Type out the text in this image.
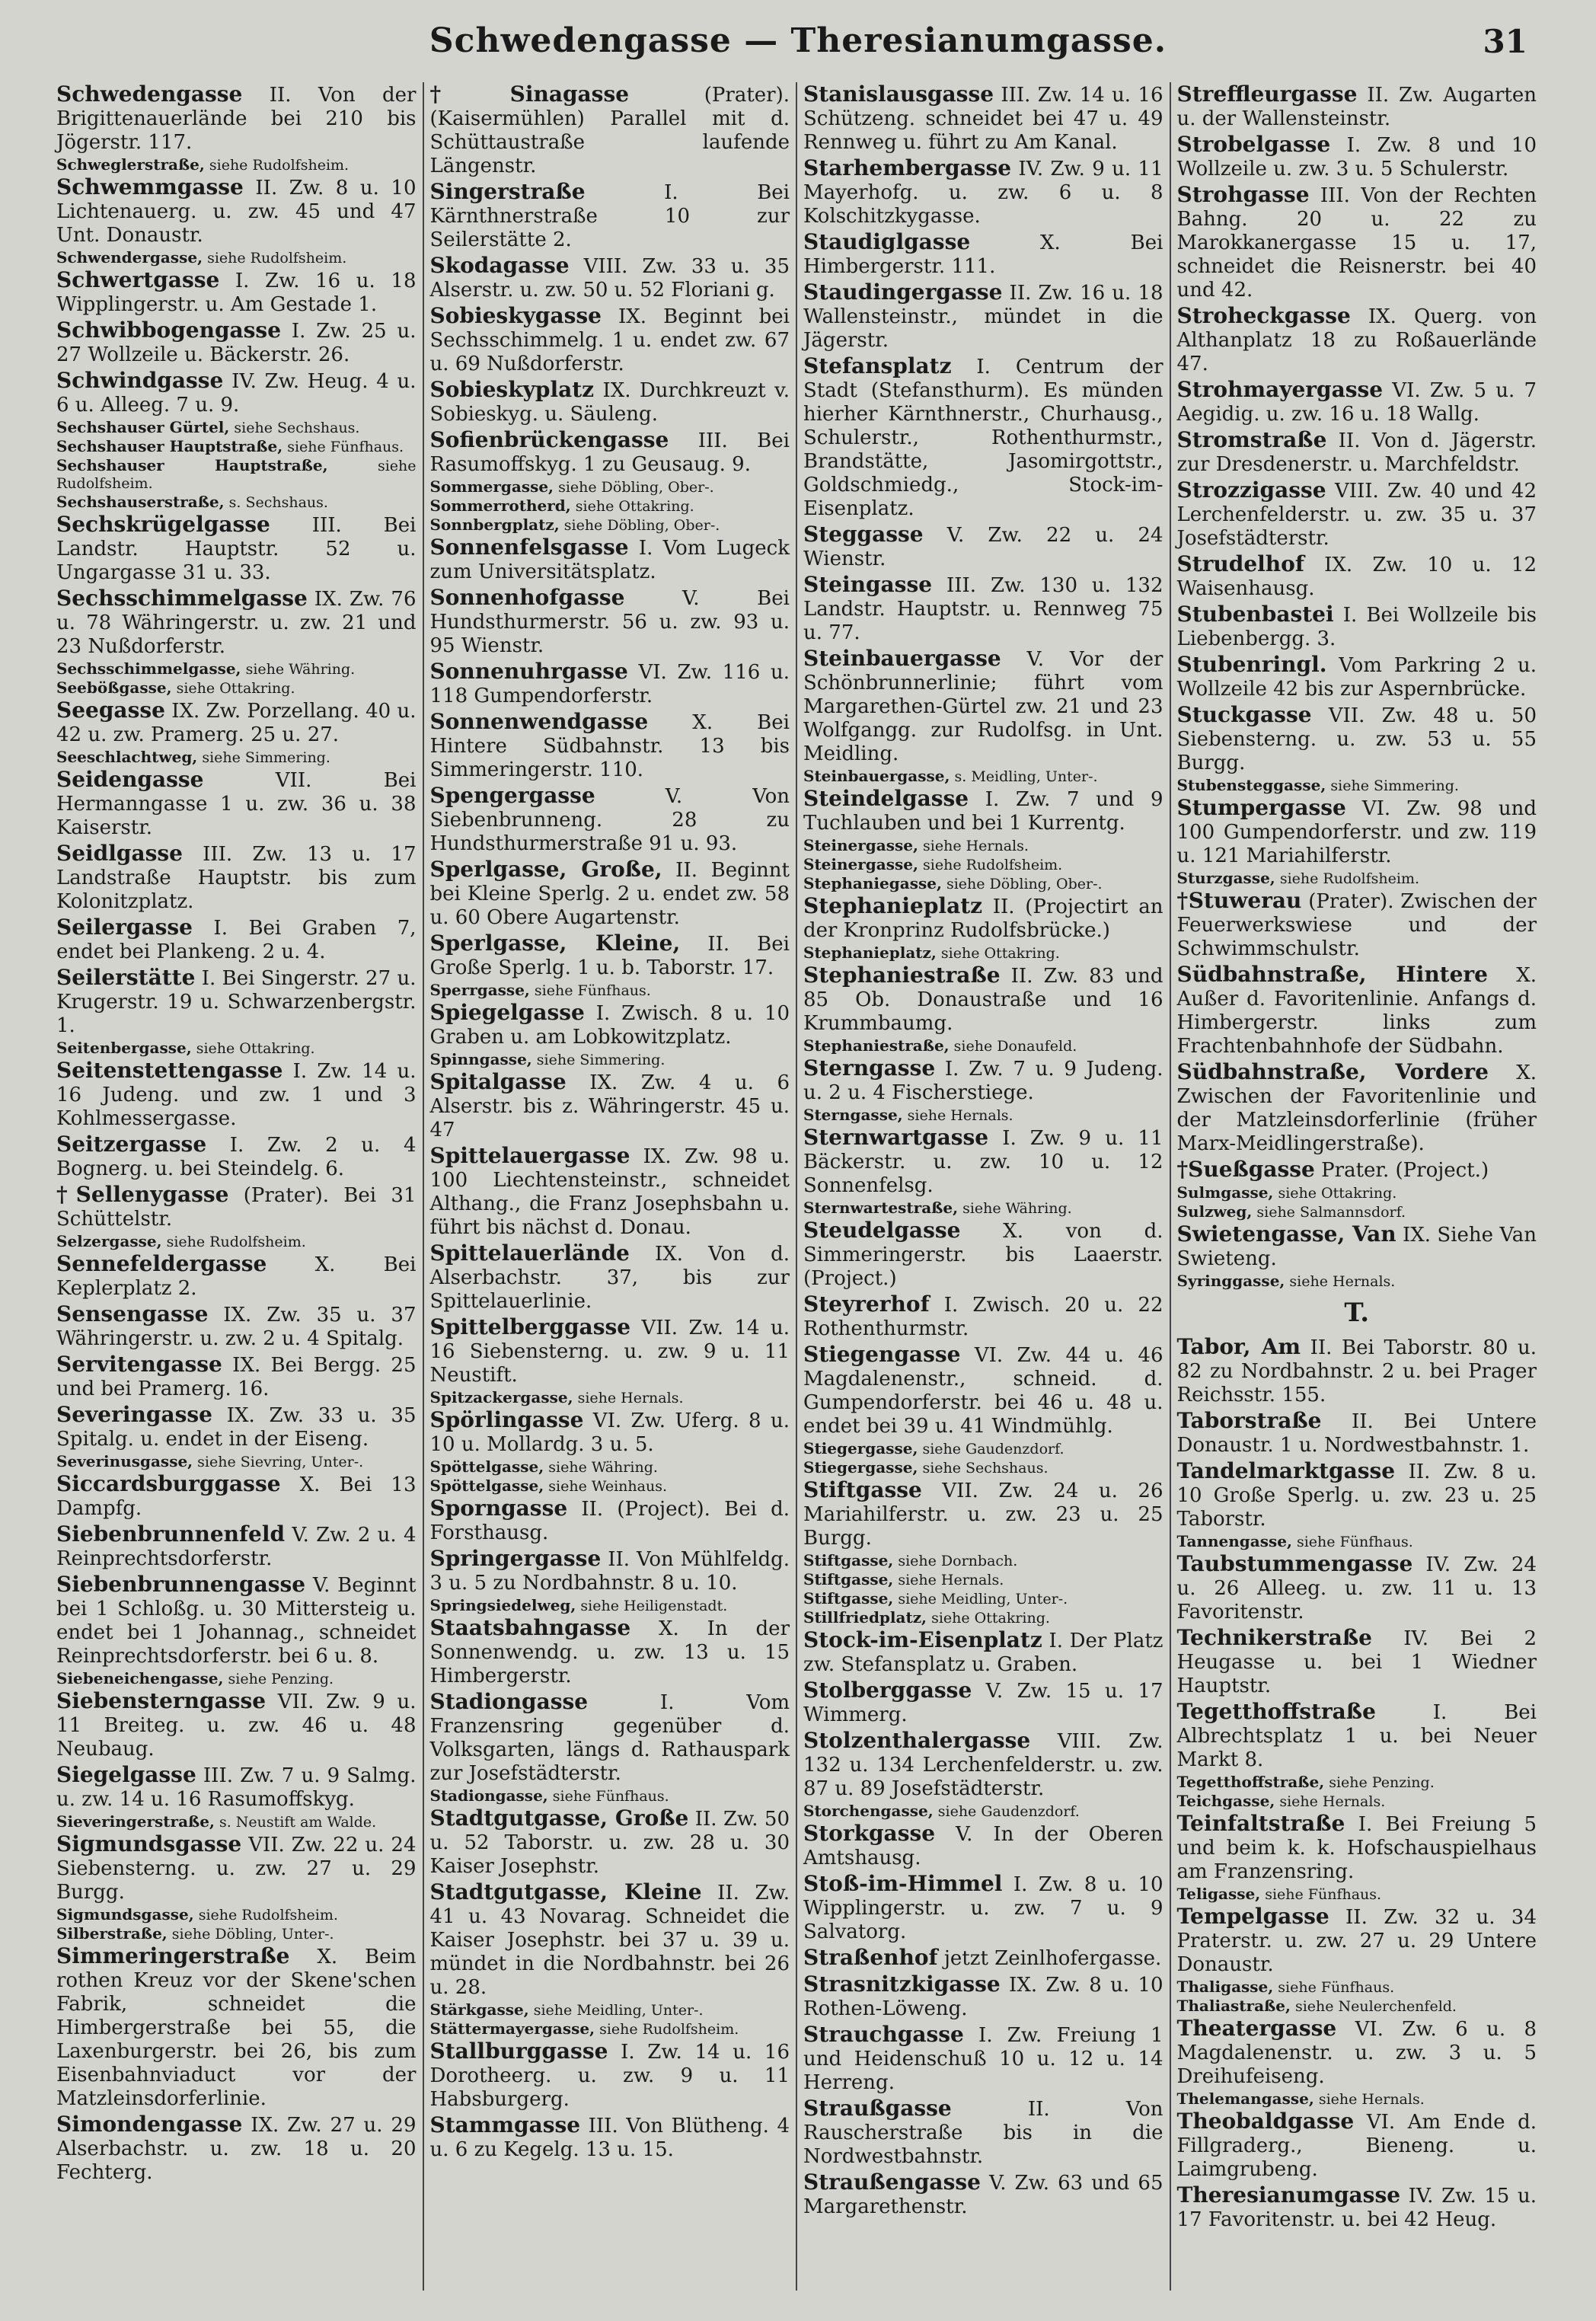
Schwedengasse — Theresianumgasse.	31
Schwedengasse II. Von der Brigittenauerlände bei 210 bis Jögerstr. 117.
Schweglerstraße, siehe Rudolfsheim.
Schwemmgasse II. Zw. 8 u. 10 Lichtenauerg. u. zw. 45 und 47 Unt. Donaustr.
Schwendergasse, siehe Rudolfsheim.
Schwertgasse I. Zw. 16 u. 18 Wipplingerstr. u. Am Gestade 1.
Schwibbogengasse I. Zw. 25 u. 27 Wollzeile u. Bäckerstr. 26.
Schwindgasse IV. Zw. Heug. 4 u. 6 u. Alleeg. 7 u. 9.
Sechshauser Gürtel, siehe Sechshaus.
Sechshauser Hauptstraße, siehe Fünfhaus.
Sechshauser Hauptstraße, siehe Rudolfsheim.
Sechshauserstraße, s. Sechshaus.
Sechskrügelgasse III. Bei Landstr. Hauptstr. 52 u. Ungargasse 31 u. 33.
Sechsschimmelgasse IX. Zw. 76 u. 78 Währingerstr. u. zw. 21 und 23 Nußdorferstr.
Sechsschimmelgasse, siehe Währing.
Seebößgasse, siehe Ottakring.
Seegasse IX. Zw. Porzellang. 40 u. 42 u. zw. Pramerg. 25 u. 27.
Seeschlachtweg, siehe Simmering.
Seidengasse VII. Bei Hermanngasse 1 u. zw. 36 u. 38 Kaiserstr.
Seidlgasse III. Zw. 13 u. 17 Landstraße Hauptstr. bis zum Kolonitzplatz.
Seilergasse I. Bei Graben 7, endet bei Plankeng. 2 u. 4.
Seilerstätte I. Bei Singerstr. 27 u. Krugerstr. 19 u. Schwarzenbergstr. 1.
Seitenbergasse, siehe Ottakring.
Seitenstettengasse I. Zw. 14 u. 16 Judeng. und zw. 1 und 3 Kohlmessergasse.
Seitzergasse I. Zw. 2 u. 4 Bognerg. u. bei Steindelg. 6.
†Sellenygasse (Prater). Bei 31 Schüttelstr.
Selzergasse, siehe Rudolfsheim.
Sennefeldergasse X. Bei Keplerplatz 2.
Sensengasse IX. Zw. 35 u. 37 Währingerstr. u. zw. 2 u. 4 Spitalg.
Servitengasse IX. Bei Bergg. 25 und bei Pramerg. 16.
Severingasse IX. Zw. 33 u. 35 Spitalg. u. endet in der Eiseng.
Severinusgasse, siehe Sievring, Unter-.
Siccardsburggasse X. Bei 13 Dampfg.
Siebenbrunnenfeld V. Zw. 2 u. 4 Reinprechtsdorferstr.
Siebenbrunnengasse V. Beginnt bei 1 Schloßg. u. 30 Mittersteig u. endet bei 1 Johannag., schneidet Reinprechtsdorferstr. bei 6 u. 8.
Siebeneichengasse, siehe Penzing.
Siebensterngasse VII. Zw. 9 u. 11 Breiteg. u. zw. 46 u. 48 Neubaug.
Siegelgasse III. Zw. 7 u. 9 Salmg. u. zw. 14 u. 16 Rasumoffskyg.
Sieveringerstraße, s. Neustift am Walde.
Sigmundsgasse VII. Zw. 22 u. 24 Siebensterng. u. zw. 27 u. 29 Burgg.
Sigmundsgasse, siehe Rudolfsheim.
Silberstraße, siehe Döbling, Unter-.
Simmeringerstraße X. Beim rothen Kreuz vor der Skene'schen Fabrik, schneidet die Himbergerstraße bei 55, die Laxenburgerstr. bei 26, bis zum Eisenbahnviaduct vor der Matzleinsdorferlinie.
Simondengasse IX. Zw. 27 u. 29 Alserbachstr. u. zw. 18 u. 20 Fechterg.
†Sinagasse (Prater). (Kaisermühlen) Parallel mit d. Schüttaustraße laufende Längenstr.
Singerstraße I. Bei Kärnthnerstraße 10 zur Seilerstätte 2.
Skodagasse VIII. Zw. 33 u. 35 Alserstr. u. zw. 50 u. 52 Floriani g.
Sobieskygasse IX. Beginnt bei Sechsschimmelg. 1 u. endet zw. 67 u. 69 Nußdorferstr.
Sobieskyplatz IX. Durchkreuzt v. Sobieskyg. u. Säuleng.
Sofienbrückengasse III. Bei Rasumoffskyg. 1 zu Geusaug. 9.
Sommergasse, siehe Döbling, Ober-.
Sommerrotherd, siehe Ottakring.
Sonnbergplatz, siehe Döbling, Ober-.
Sonnenfelsgasse I. Vom Lugeck zum Universitätsplatz.
Sonnenhofgasse V. Bei Hundsthurmerstr. 56 u. zw. 93 u. 95 Wienstr.
Sonnenuhrgasse VI. Zw. 116 u. 118 Gumpendorferstr.
Sonnenwendgasse X. Bei Hintere Südbahnstr. 13 bis Simmeringerstr. 110.
Spengergasse V. Von Siebenbrunneng. 28 zu Hundsthurmerstraße 91 u. 93.
Sperlgasse, Große, II. Beginnt bei Kleine Sperlg. 2 u. endet zw. 58 u. 60 Obere Augartenstr.
Sperlgasse, Kleine, II. Bei Große Sperlg. 1 u. b. Taborstr. 17.
Sperrgasse, siehe Fünfhaus.
Spiegelgasse I. Zwisch. 8 u. 10 Graben u. am Lobkowitzplatz.
Spinngasse, siehe Simmering.
Spitalgasse IX. Zw. 4 u. 6 Alserstr. bis z. Währingerstr. 45 u. 47
Spittelauergasse IX. Zw. 98 u. 100 Liechtensteinstr., schneidet Althang., die Franz Josephsbahn u. führt bis nächst d. Donau.
Spittelauerlände IX. Von d. Alserbachstr. 37, bis zur Spittelauerlinie.
Spittelberggasse VII. Zw. 14 u. 16 Siebensterng. u. zw. 9 u. 11 Neustift.
Spitzackergasse, siehe Hernals.
Spörlingasse VI. Zw. Uferg. 8 u. 10 u. Mollardg. 3 u. 5.
Spöttelgasse, siehe Währing.
Spöttelgasse, siehe Weinhaus.
Sporngasse II. (Project). Bei d. Forsthausg.
Springergasse II. Von Mühlfeldg. 3 u. 5 zu Nordbahnstr. 8 u. 10.
Springsiedelweg, siehe Heiligenstadt.
Staatsbahngasse X. In der Sonnenwendg. u. zw. 13 u. 15 Himbergerstr.
Stadiongasse I. Vom Franzensring gegenüber d. Volksgarten, längs d. Rathauspark zur Josefstädterstr.
Stadiongasse, siehe Fünfhaus.
Stadtgutgasse, Große II. Zw. 50 u. 52 Taborstr. u. zw. 28 u. 30 Kaiser Josephstr.
Stadtgutgasse, Kleine II. Zw. 41 u. 43 Novarag. Schneidet die Kaiser Josephstr. bei 37 u. 39 u. mündet in die Nordbahnstr. bei 26 u. 28.
Stärkgasse, siehe Meidling, Unter-.
Stättermayergasse, siehe Rudolfsheim.
Stallburggasse I. Zw. 14 u. 16 Dorotheerg. u. zw. 9 u. 11 Habsburgerg.
Stammgasse III. Von Blütheng. 4 u. 6 zu Kegelg. 13 u. 15.
Stanislausgasse III. Zw. 14 u. 16 Schützeng. schneidet bei 47 u. 49 Rennweg u. führt zu Am Kanal.
Starhembergasse IV. Zw. 9 u. 11 Mayerhofg. u. zw. 6 u. 8 Kolschitzkygasse.
Staudiglgasse X. Bei Himbergerstr. 111.
Staudingergasse II. Zw. 16 u. 18 Wallensteinstr., mündet in die Jägerstr.
Stefansplatz I. Centrum der Stadt (Stefansthurm). Es münden hierher Kärnthnerstr., Churhausg., Schulerstr., Rothenthurmstr., Brandstätte, Jasomirgottstr., Goldschmiedg., Stock-im-Eisenplatz.
Steggasse V. Zw. 22 u. 24 Wienstr.
Steingasse III. Zw. 130 u. 132 Landstr. Hauptstr. u. Rennweg 75 u. 77.
Steinbauergasse V. Vor der Schönbrunnerlinie; führt vom Margarethen-Gürtel zw. 21 und 23 Wolfgangg. zur Rudolfsg. in Unt. Meidling.
Steinbauergasse, s. Meidling, Unter-.
Steindelgasse I. Zw. 7 und 9 Tuchlauben und bei 1 Kurrentg.
Steinergasse, siehe Hernals.
Steinergasse, siehe Rudolfsheim.
Stephaniegasse, siehe Döbling, Ober-.
Stephanieplatz II. (Projectirt an der Kronprinz Rudolfsbrücke.)
Stephanieplatz, siehe Ottakring.
Stephaniestraße II. Zw. 83 und 85 Ob. Donaustraße und 16 Krummbaumg.
Stephaniestraße, siehe Donaufeld.
Sterngasse I. Zw. 7 u. 9 Judeng. u. 2 u. 4 Fischerstiege.
Sterngasse, siehe Hernals.
Sternwartgasse I. Zw. 9 u. 11 Bäckerstr. u. zw. 10 u. 12 Sonnenfelsg.
Sternwartestraße, siehe Währing.
Steudelgasse X. von d. Simmeringerstr. bis Laaerstr. (Project.)
Steyrerhof I. Zwisch. 20 u. 22 Rothenthurmstr.
Stiegengasse VI. Zw. 44 u. 46 Magdalenenstr., schneid. d. Gumpendorferstr. bei 46 u. 48 u. endet bei 39 u. 41 Windmühlg.
Stiegergasse, siehe Gaudenzdorf.
Stiegergasse, siehe Sechshaus.
Stiftgasse VII. Zw. 24 u. 26 Mariahilferstr. u. zw. 23 u. 25 Burgg.
Stiftgasse, siehe Dornbach.
Stiftgasse, siehe Hernals.
Stiftgasse, siehe Meidling, Unter-.
Stillfriedplatz, siehe Ottakring.
Stock-im-Eisenplatz I. Der Platz zw. Stefansplatz u. Graben.
Stolberggasse V. Zw. 15 u. 17 Wimmerg.
Stolzenthalergasse VIII. Zw. 132 u. 134 Lerchenfelderstr. u. zw. 87 u. 89 Josefstädterstr.
Storchengasse, siehe Gaudenzdorf.
Storkgasse V. In der Oberen Amtshausg.
Stoß-im-Himmel I. Zw. 8 u. 10 Wipplingerstr. u. zw. 7 u. 9 Salvatorg.
Straßenhof jetzt Zeinlhofergasse.
Strasnitzkigasse IX. Zw. 8 u. 10 Rothen-Löweng.
Strauchgasse I. Zw. Freiung 1 und Heidenschuß 10 u. 12 u. 14 Herreng.
Straußgasse II. Von Rauscherstraße bis in die Nordwestbahnstr.
Straußengasse V. Zw. 63 und 65 Margarethenstr.
Streffleurgasse II. Zw. Augarten u. der Wallensteinstr.
Strobelgasse I. Zw. 8 und 10 Wollzeile u. zw. 3 u. 5 Schulerstr.
Strohgasse III. Von der Rechten Bahng. 20 u. 22 zu Marokkanergasse 15 u. 17, schneidet die Reisnerstr. bei 40 und 42.
Stroheckgasse IX. Querg. von Althanplatz 18 zu Roßauerlände 47.
Strohmayergasse VI. Zw. 5 u. 7 Aegidig. u. zw. 16 u. 18 Wallg.
Stromstraße II. Von d. Jägerstr. zur Dresdenerstr. u. Marchfeldstr.
Strozzigasse VIII. Zw. 40 und 42 Lerchenfelderstr. u. zw. 35 u. 37 Josefstädterstr.
Strudelhof IX. Zw. 10 u. 12 Waisenhausg.
Stubenbastei I. Bei Wollzeile bis Liebenbergg. 3.
Stubenringl. Vom Parkring 2 u. Wollzeile 42 bis zur Aspernbrücke.
Stuckgasse VII. Zw. 48 u. 50 Siebensterng. u. zw. 53 u. 55 Burgg.
Stubensteggasse, siehe Simmering.
Stumpergasse VI. Zw. 98 und 100 Gumpendorferstr. und zw. 119 u. 121 Mariahilferstr.
Sturzgasse, siehe Rudolfsheim.
†Stuwerau (Prater). Zwischen der Feuerwerkswiese und der Schwimmschulstr.
Südbahnstraße, Hintere X. Außer d. Favoritenlinie. Anfangs d. Himbergerstr. links zum Frachtenbahnhofe der Südbahn.
Südbahnstraße, Vordere X. Zwischen der Favoritenlinie und der Matzleinsdorferlinie (früher Marx-Meidlingerstraße).
†Sueßgasse Prater. (Project.)
Sulmgasse, siehe Ottakring.
Sulzweg, siehe Salmannsdorf.
Swietengasse, Van IX. Siehe Van Swieteng.
Syringgasse, siehe Hernals.
T.
Tabor, Am II. Bei Taborstr. 80 u. 82 zu Nordbahnstr. 2 u. bei Prager Reichsstr. 155.
Taborstraße II. Bei Untere Donaustr. 1 u. Nordwestbahnstr. 1.
Tandelmarktgasse II. Zw. 8 u. 10 Große Sperlg. u. zw. 23 u. 25 Taborstr.
Tannengasse, siehe Fünfhaus.
Taubstummengasse IV. Zw. 24 u. 26 Alleeg. u. zw. 11 u. 13 Favoritenstr.
Technikerstraße IV. Bei 2 Heugasse u. bei 1 Wiedner Hauptstr.
Tegetthoffstraße I. Bei Albrechtsplatz 1 u. bei Neuer Markt 8.
Tegetthoffstraße, siehe Penzing.
Teichgasse, siehe Hernals.
Teinfaltstraße I. Bei Freiung 5 und beim k. k. Hofschauspielhaus am Franzensring.
Teligasse, siehe Fünfhaus.
Tempelgasse II. Zw. 32 u. 34 Praterstr. u. zw. 27 u. 29 Untere Donaustr.
Thaligasse, siehe Fünfhaus.
Thaliastraße, siehe Neulerchenfeld.
Theatergasse VI. Zw. 6 u. 8 Magdalenenstr. u. zw. 3 u. 5 Dreihufeiseng.
Thelemangasse, siehe Hernals.
Theobaldgasse VI. Am Ende d. Fillgraderg., Bieneng. u. Laimgrubeng.
Theresianumgasse IV. Zw. 15 u. 17 Favoritenstr. u. bei 42 Heug.
